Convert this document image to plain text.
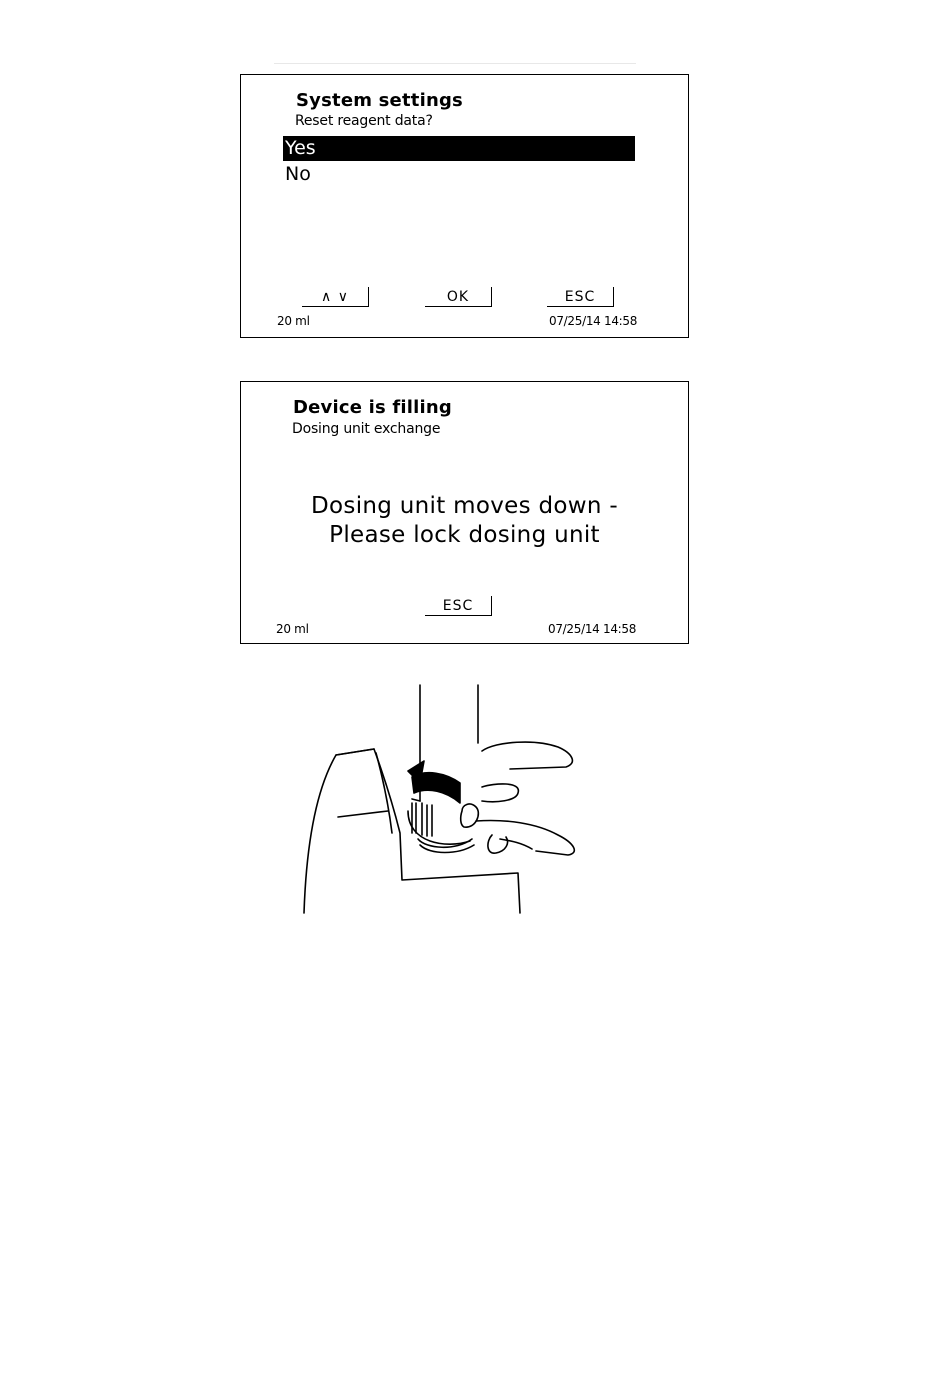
System settings
Reset reagent data?
Yes
No
∧ ∨	OK	ESC
20 ml	07/25/14 14:58
Device is filling
Dosing unit exchange
Dosing unit moves down -
Please lock dosing unit
ESC
20 ml	07/25/14 14:58
